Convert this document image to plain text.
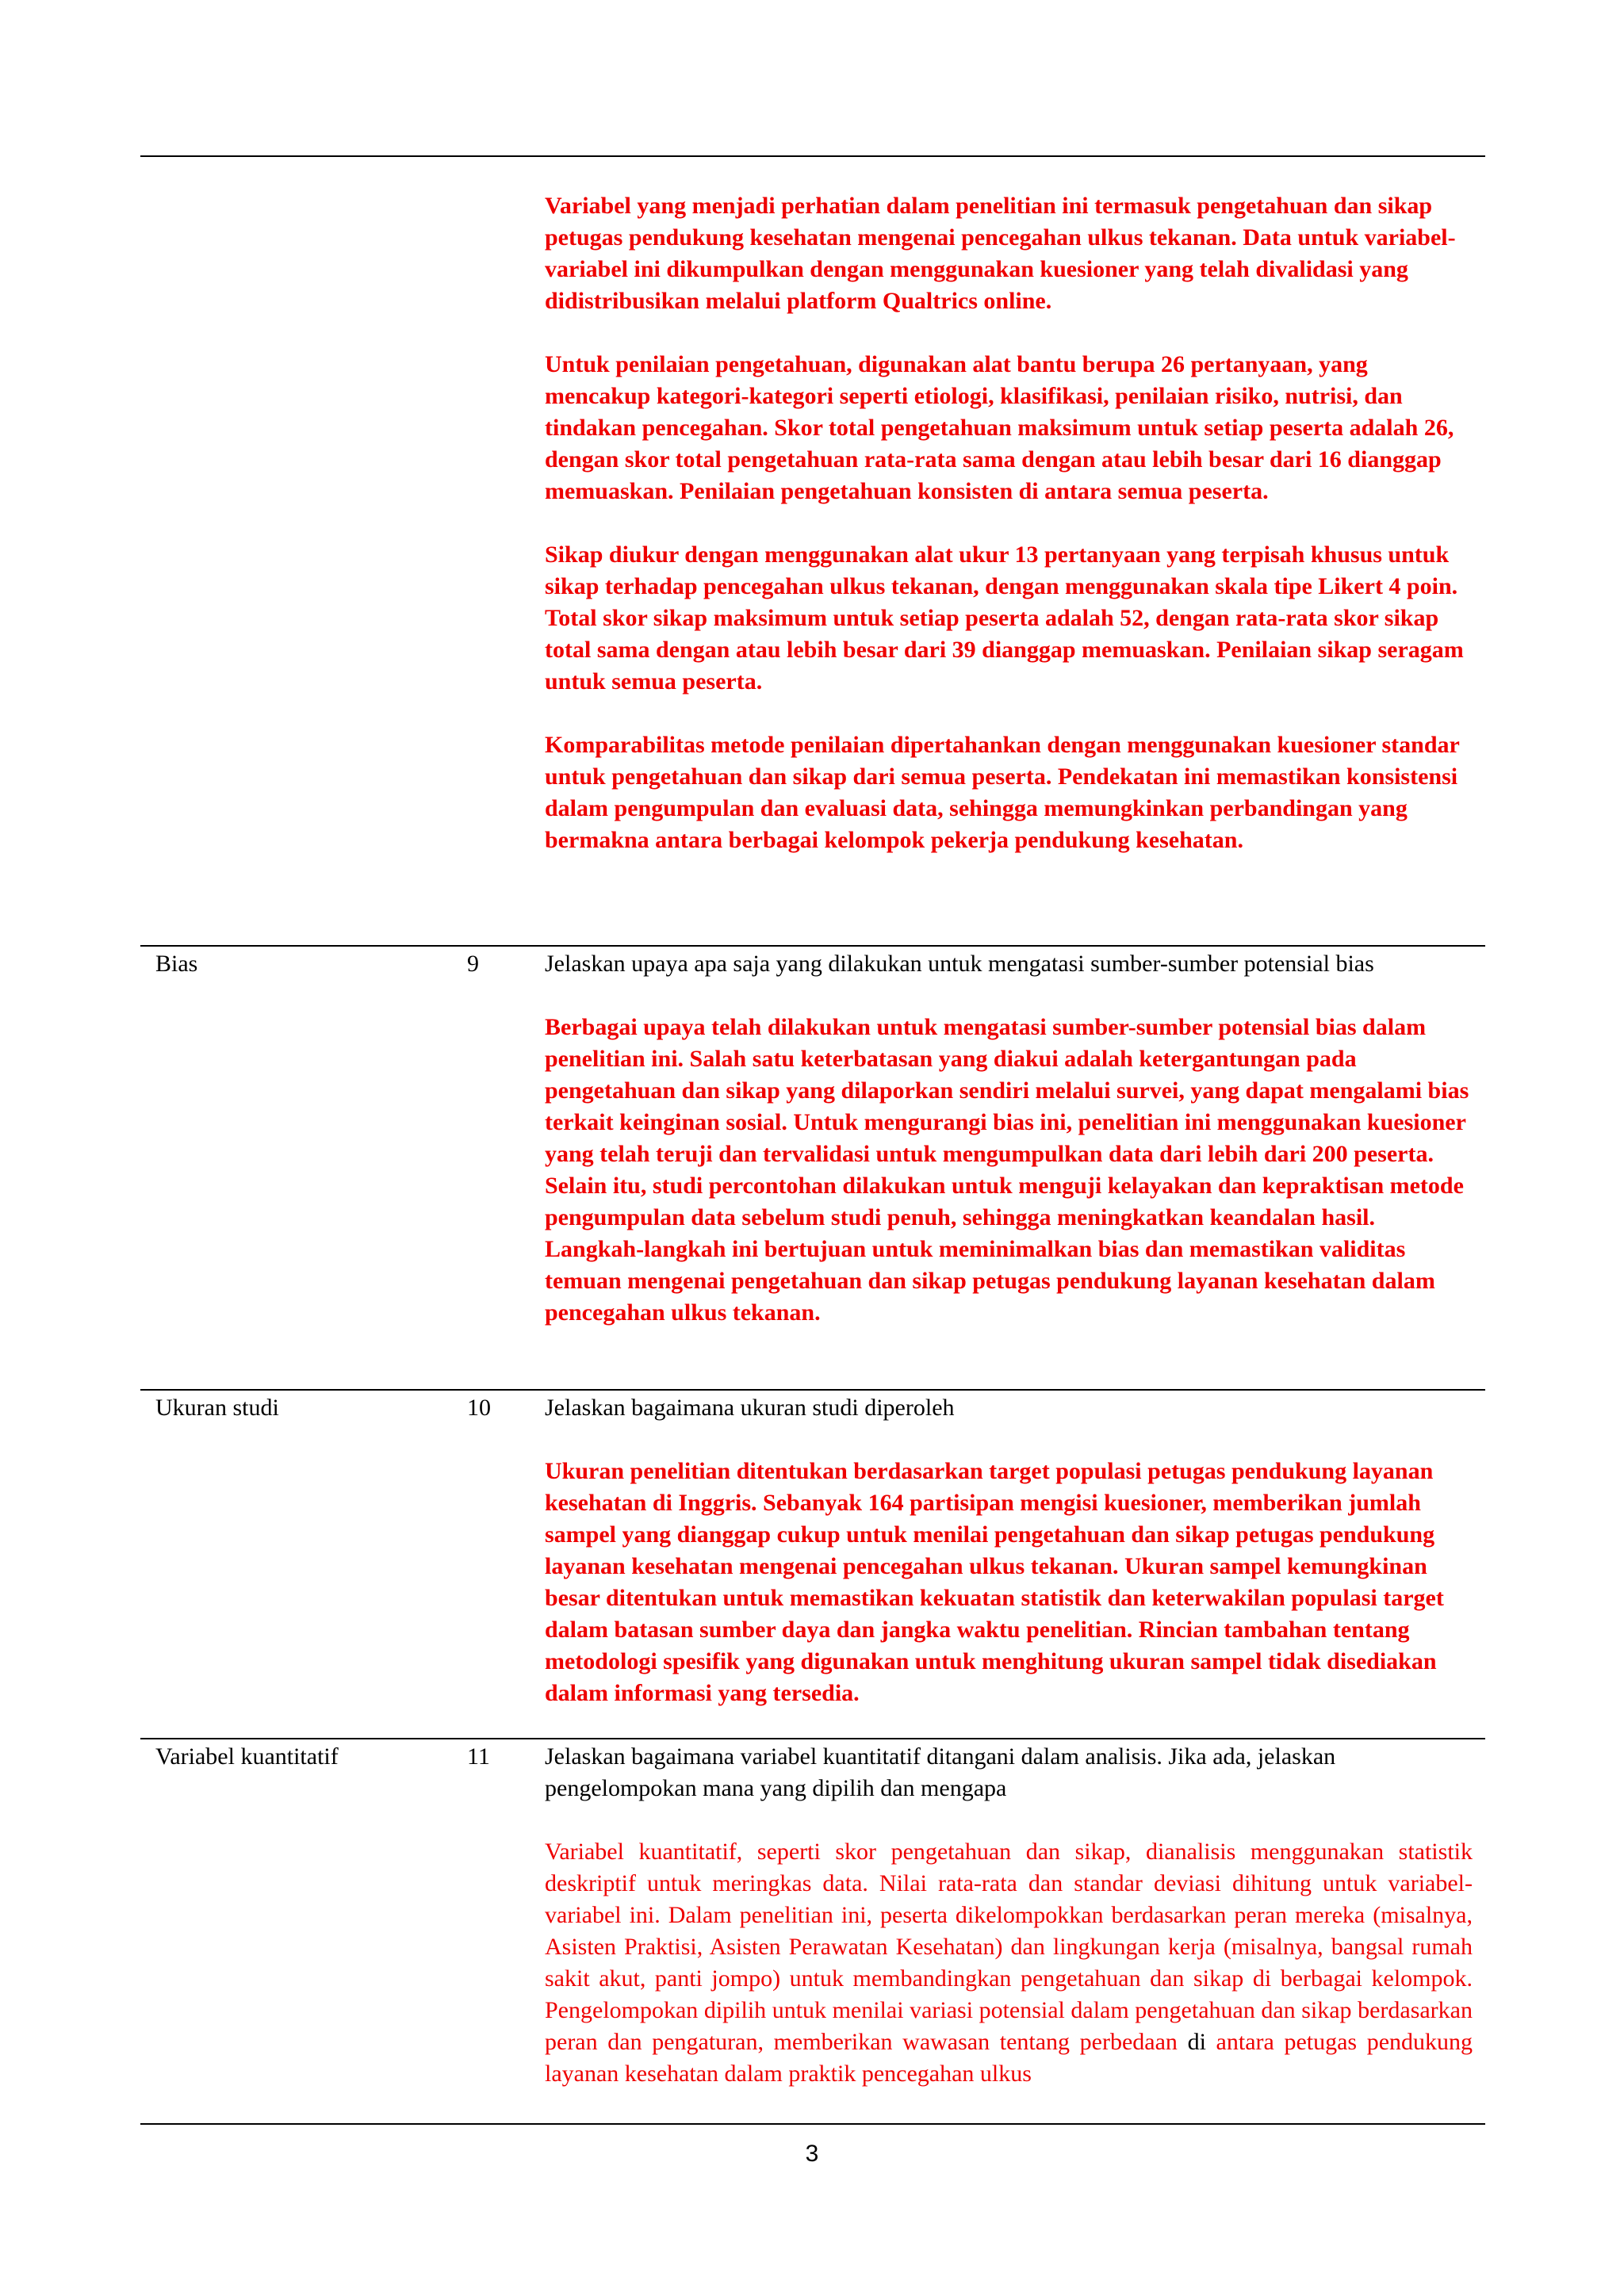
Variabel yang menjadi perhatian dalam penelitian ini termasuk pengetahuan dan sikap petugas pendukung kesehatan mengenai pencegahan ulkus tekanan. Data untuk variabel-variabel ini dikumpulkan dengan menggunakan kuesioner yang telah divalidasi yang didistribusikan melalui platform Qualtrics online.

Untuk penilaian pengetahuan, digunakan alat bantu berupa 26 pertanyaan, yang mencakup kategori-kategori seperti etiologi, klasifikasi, penilaian risiko, nutrisi, dan tindakan pencegahan. Skor total pengetahuan maksimum untuk setiap peserta adalah 26, dengan skor total pengetahuan rata-rata sama dengan atau lebih besar dari 16 dianggap memuaskan. Penilaian pengetahuan konsisten di antara semua peserta.

Sikap diukur dengan menggunakan alat ukur 13 pertanyaan yang terpisah khusus untuk sikap terhadap pencegahan ulkus tekanan, dengan menggunakan skala tipe Likert 4 poin. Total skor sikap maksimum untuk setiap peserta adalah 52, dengan rata-rata skor sikap total sama dengan atau lebih besar dari 39 dianggap memuaskan. Penilaian sikap seragam untuk semua peserta.

Komparabilitas metode penilaian dipertahankan dengan menggunakan kuesioner standar untuk pengetahuan dan sikap dari semua peserta. Pendekatan ini memastikan konsistensi dalam pengumpulan dan evaluasi data, sehingga memungkinkan perbandingan yang bermakna antara berbagai kelompok pekerja pendukung kesehatan.

Bias	9	Jelaskan upaya apa saja yang dilakukan untuk mengatasi sumber-sumber potensial bias

Berbagai upaya telah dilakukan untuk mengatasi sumber-sumber potensial bias dalam penelitian ini. Salah satu keterbatasan yang diakui adalah ketergantungan pada pengetahuan dan sikap yang dilaporkan sendiri melalui survei, yang dapat mengalami bias terkait keinginan sosial. Untuk mengurangi bias ini, penelitian ini menggunakan kuesioner yang telah teruji dan tervalidasi untuk mengumpulkan data dari lebih dari 200 peserta. Selain itu, studi percontohan dilakukan untuk menguji kelayakan dan kepraktisan metode pengumpulan data sebelum studi penuh, sehingga meningkatkan keandalan hasil. Langkah-langkah ini bertujuan untuk meminimalkan bias dan memastikan validitas temuan mengenai pengetahuan dan sikap petugas pendukung layanan kesehatan dalam pencegahan ulkus tekanan.

Ukuran studi	10 Jelaskan bagaimana ukuran studi diperoleh

Ukuran penelitian ditentukan berdasarkan target populasi petugas pendukung layanan kesehatan di Inggris. Sebanyak 164 partisipan mengisi kuesioner, memberikan jumlah sampel yang dianggap cukup untuk menilai pengetahuan dan sikap petugas pendukung layanan kesehatan mengenai pencegahan ulkus tekanan. Ukuran sampel kemungkinan besar ditentukan untuk memastikan kekuatan statistik dan keterwakilan populasi target dalam batasan sumber daya dan jangka waktu penelitian. Rincian tambahan tentang metodologi spesifik yang digunakan untuk menghitung ukuran sampel tidak disediakan dalam informasi yang tersedia.

Variabel kuantitatif	11 Jelaskan bagaimana variabel kuantitatif ditangani dalam analisis. Jika ada, jelaskan pengelompokan mana yang dipilih dan mengapa

Variabel kuantitatif, seperti skor pengetahuan dan sikap, dianalisis menggunakan statistik deskriptif untuk meringkas data. Nilai rata-rata dan standar deviasi dihitung untuk variabel-variabel ini. Dalam penelitian ini, peserta dikelompokkan berdasarkan peran mereka (misalnya, Asisten Praktisi, Asisten Perawatan Kesehatan) dan lingkungan kerja (misalnya, bangsal rumah sakit akut, panti jompo) untuk membandingkan pengetahuan dan sikap di berbagai kelompok. Pengelompokan dipilih untuk menilai variasi potensial dalam pengetahuan dan sikap berdasarkan peran dan pengaturan, memberikan wawasan tentang perbedaan di antara petugas pendukung layanan kesehatan dalam praktik pencegahan ulkus

3
